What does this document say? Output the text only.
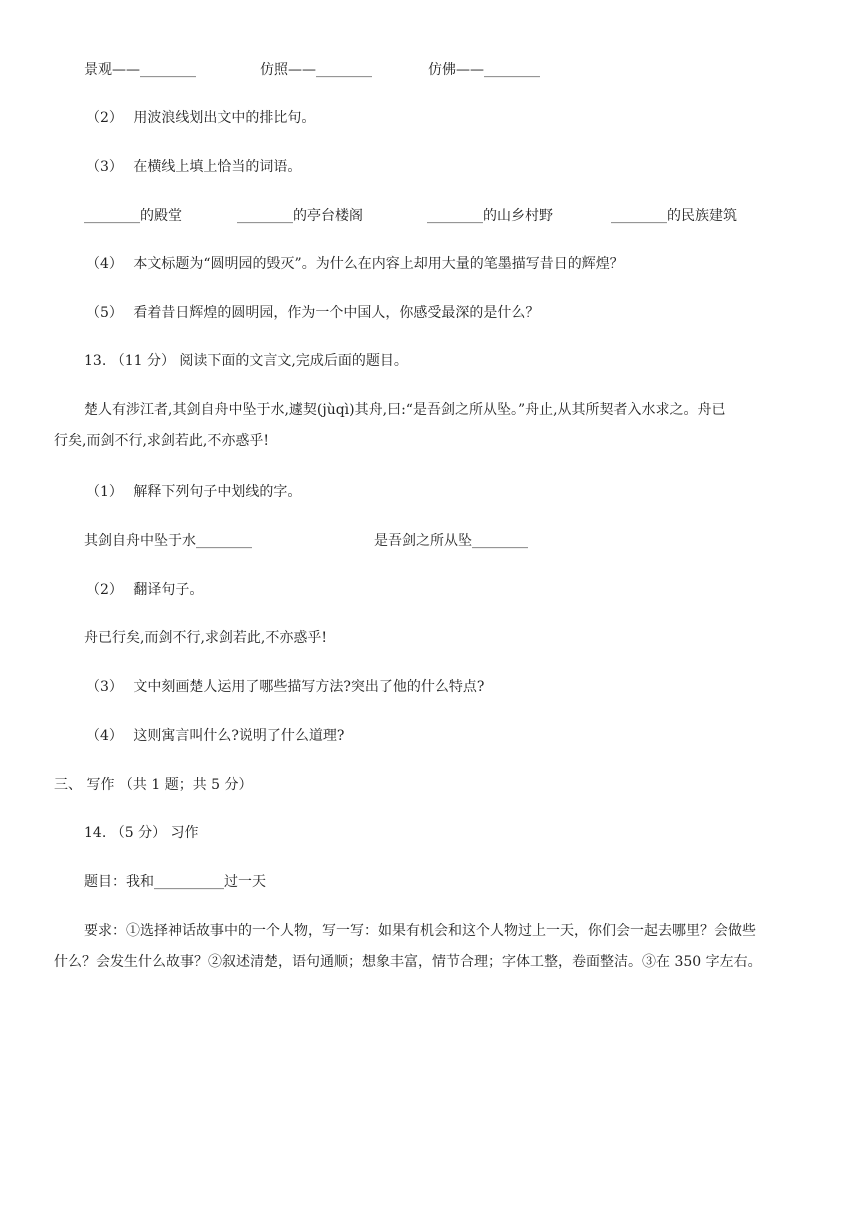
景观——________	仿照——________	仿佛——________
（2） 用波浪线划出文中的排比句。
（3） 在横线上填上恰当的词语。
________的殿堂	________的亭台楼阁	________的山乡村野	________的民族建筑
（4） 本文标题为“圆明园的毁灭”。为什么在内容上却用大量的笔墨描写昔日的辉煌？
（5） 看着昔日辉煌的圆明园，作为一个中国人，你感受最深的是什么？
13. （11 分） 阅读下面的文言文,完成后面的题目。
楚人有涉江者,其剑自舟中坠于水,遽契(jùqì)其舟,曰:“是吾剑之所从坠。”舟止,从其所契者入水求之。舟已
行矣,而剑不行,求剑若此,不亦惑乎!
（1） 解释下列句子中划线的字。
其剑自舟中坠于水________	是吾剑之所从坠________
（2） 翻译句子。
舟已行矣,而剑不行,求剑若此,不亦惑乎!
（3） 文中刻画楚人运用了哪些描写方法?突出了他的什么特点?
（4） 这则寓言叫什么?说明了什么道理?
三、 写作 （共 1 题；共 5 分）
14. （5 分） 习作
题目：我和__________过一天
要求：①选择神话故事中的一个人物，写一写：如果有机会和这个人物过上一天，你们会一起去哪里？会做些
什么？会发生什么故事？②叙述清楚，语句通顺；想象丰富，情节合理；字体工整，卷面整洁。③在 350 字左右。
